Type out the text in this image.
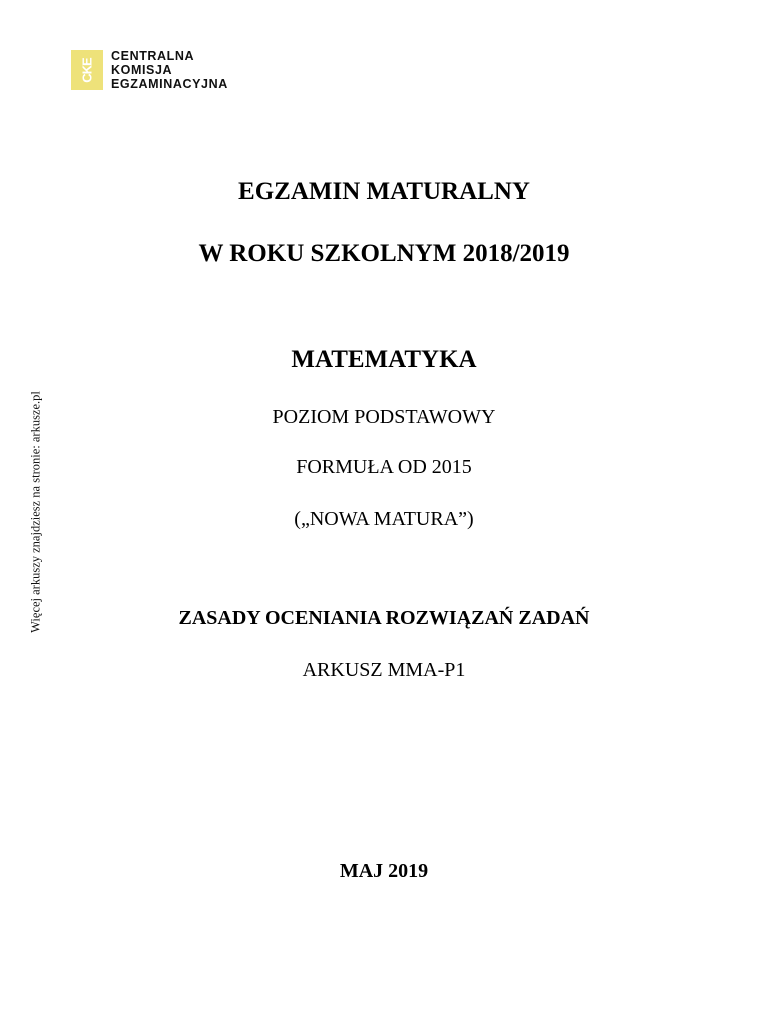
CKE
CENTRALNA
KOMISJA
EGZAMINACYJNA
Więcej arkuszy znajdziesz na stronie: arkusze.pl
EGZAMIN MATURALNY
W ROKU SZKOLNYM 2018/2019
MATEMATYKA
POZIOM PODSTAWOWY
FORMUŁA OD 2015
(„NOWA MATURA”)
ZASADY OCENIANIA ROZWIĄZAŃ ZADAŃ
ARKUSZ MMA-P1
MAJ 2019
